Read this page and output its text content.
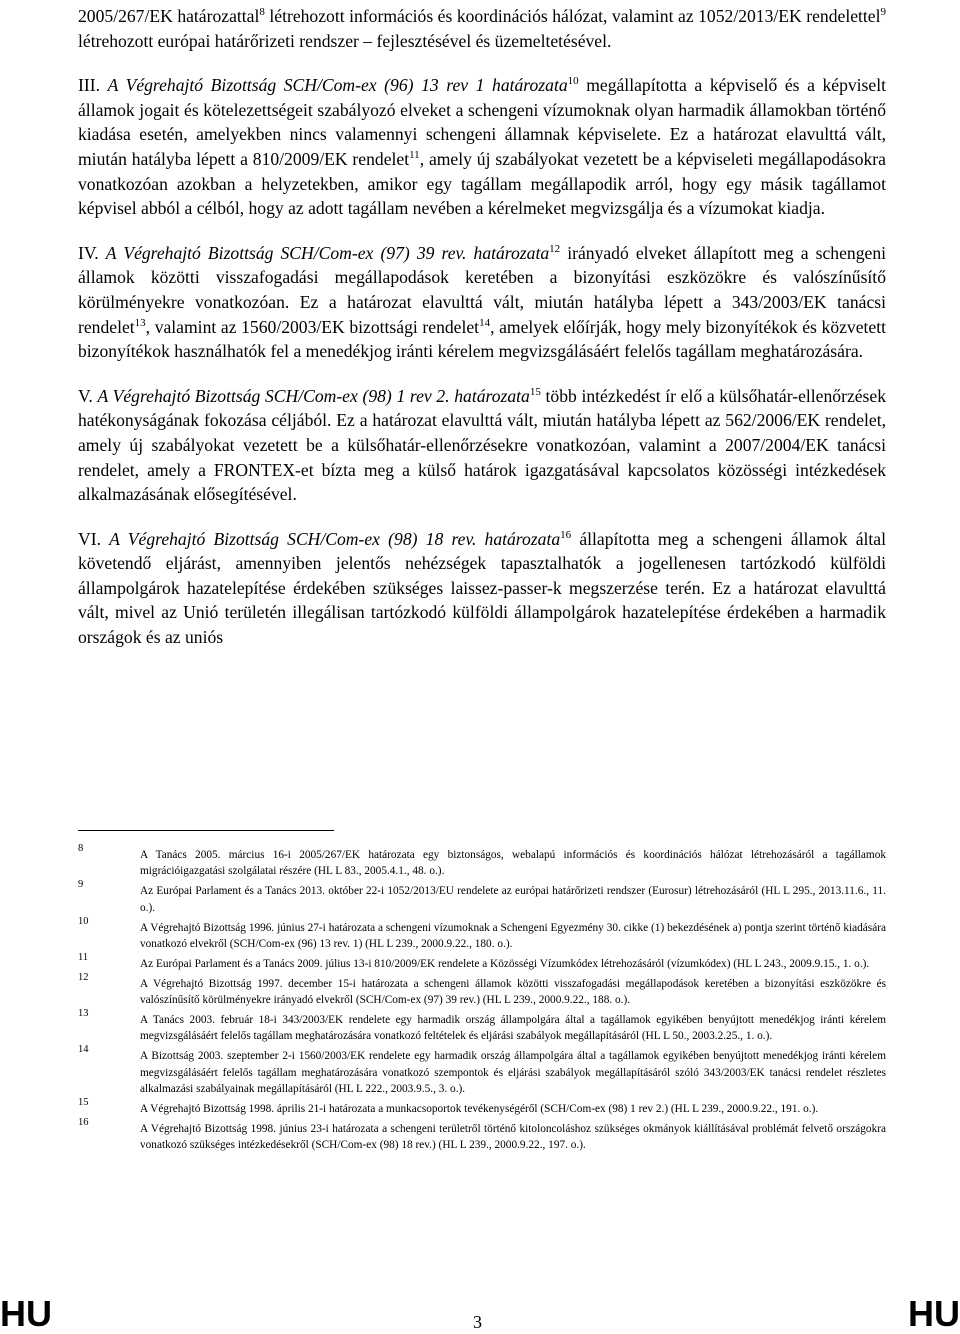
2005/267/EK határozattal$^8$ létrehozott információs és koordinációs hálózat, valamint az 1052/2013/EK rendelettel$^9$ létrehozott európai határőrizeti rendszer – fejlesztésével és üzemeltetésével.

III. A Végrehajtó Bizottság SCH/Com-ex (96) 13 rev 1 határozata$^{10}$ megállapította a képviselő és a képviselt államok jogait és kötelezettségeit szabályozó elveket a schengeni vízumoknak olyan harmadik államokban történő kiadása esetén, amelyekben nincs valamennyi schengeni államnak képviselete. Ez a határozat elavulttá vált, miután hatályba lépett a 810/2009/EK rendelet$^{11}$, amely új szabályokat vezetett be a képviseleti megállapodásokra vonatkozóan azokban a helyzetekben, amikor egy tagállam megállapodik arról, hogy egy másik tagállamot képvisel abból a célból, hogy az adott tagállam nevében a kérelmeket megvizsgálja és a vízumokat kiadja.

IV. A Végrehajtó Bizottság SCH/Com-ex (97) 39 rev. határozata$^{12}$ irányadó elveket állapított meg a schengeni államok közötti visszafogadási megállapodások keretében a bizonyítási eszközökre és valószínűsítő körülményekre vonatkozóan. Ez a határozat elavulttá vált, miután hatályba lépett a 343/2003/EK tanácsi rendelet$^{13}$, valamint az 1560/2003/EK bizottsági rendelet$^{14}$, amelyek előírják, hogy mely bizonyítékok és közvetett bizonyítékok használhatók fel a menedékjog iránti kérelem megvizsgálásáért felelős tagállam meghatározására.

V. A Végrehajtó Bizottság SCH/Com-ex (98) 1 rev 2. határozata$^{15}$ több intézkedést ír elő a külsőhatár-ellenőrzések hatékonyságának fokozása céljából. Ez a határozat elavulttá vált, miután hatályba lépett az 562/2006/EK rendelet, amely új szabályokat vezetett be a külsőhatár-ellenőrzésekre vonatkozóan, valamint a 2007/2004/EK tanácsi rendelet, amely a FRONTEX-et bízta meg a külső határok igazgatásával kapcsolatos közösségi intézkedések alkalmazásának elősegítésével.

VI. A Végrehajtó Bizottság SCH/Com-ex (98) 18 rev. határozata$^{16}$ állapította meg a schengeni államok által követendő eljárást, amennyiben jelentős nehézségek tapasztalhatók a jogellenesen tartózkodó külföldi állampolgárok hazatelepítése érdekében szükséges laissez-passer-k megszerzése terén. Ez a határozat elavulttá vált, mivel az Unió területén illegálisan tartózkodó külföldi állampolgárok hazatelepítése érdekében a harmadik országok és az uniós

8
A Tanács 2005. március 16-i 2005/267/EK határozata egy biztonságos, webalapú információs és koordinációs hálózat létrehozásáról a tagállamok migrációigazgatási szolgálatai részére (HL L 83., 2005.4.1., 48. o.).
9
Az Európai Parlament és a Tanács 2013. október 22-i 1052/2013/EU rendelete az európai határőrizeti rendszer (Eurosur) létrehozásáról (HL L 295., 2013.11.6., 11. o.).
10
A Végrehajtó Bizottság 1996. június 27-i határozata a schengeni vízumoknak a Schengeni Egyezmény 30. cikke (1) bekezdésének a) pontja szerint történő kiadására vonatkozó elvekről (SCH/Com-ex (96) 13 rev. 1) (HL L 239., 2000.9.22., 180. o.).
11
Az Európai Parlament és a Tanács 2009. július 13-i 810/2009/EK rendelete a Közösségi Vízumkódex létrehozásáról (vízumkódex) (HL L 243., 2009.9.15., 1. o.).
12
A Végrehajtó Bizottság 1997. december 15-i határozata a schengeni államok közötti visszafogadási megállapodások keretében a bizonyítási eszközökre és valószínűsítő körülményekre irányadó elvekről (SCH/Com-ex (97) 39 rev.) (HL L 239., 2000.9.22., 188. o.).
13
A Tanács 2003. február 18-i 343/2003/EK rendelete egy harmadik ország állampolgára által a tagállamok egyikében benyújtott menedékjog iránti kérelem megvizsgálásáért felelős tagállam meghatározására vonatkozó feltételek és eljárási szabályok megállapításáról (HL L 50., 2003.2.25., 1. o.).
14
A Bizottság 2003. szeptember 2-i 1560/2003/EK rendelete egy harmadik ország állampolgára által a tagállamok egyikében benyújtott menedékjog iránti kérelem megvizsgálásáért felelős tagállam meghatározására vonatkozó szempontok és eljárási szabályok megállapításáról szóló 343/2003/EK tanácsi rendelet részletes alkalmazási szabályainak megállapításáról (HL L 222., 2003.9.5., 3. o.).
15
A Végrehajtó Bizottság 1998. április 21-i határozata a munkacsoportok tevékenységéről (SCH/Com-ex (98) 1 rev 2.) (HL L 239., 2000.9.22., 191. o.).
16
A Végrehajtó Bizottság 1998. június 23-i határozata a schengeni területről történő kitoloncoláshoz szükséges okmányok kiállításával problémát felvető országokra vonatkozó szükséges intézkedésekről (SCH/Com-ex (98) 18 rev.) (HL L 239., 2000.9.22., 197. o.).
HU	3	HU
